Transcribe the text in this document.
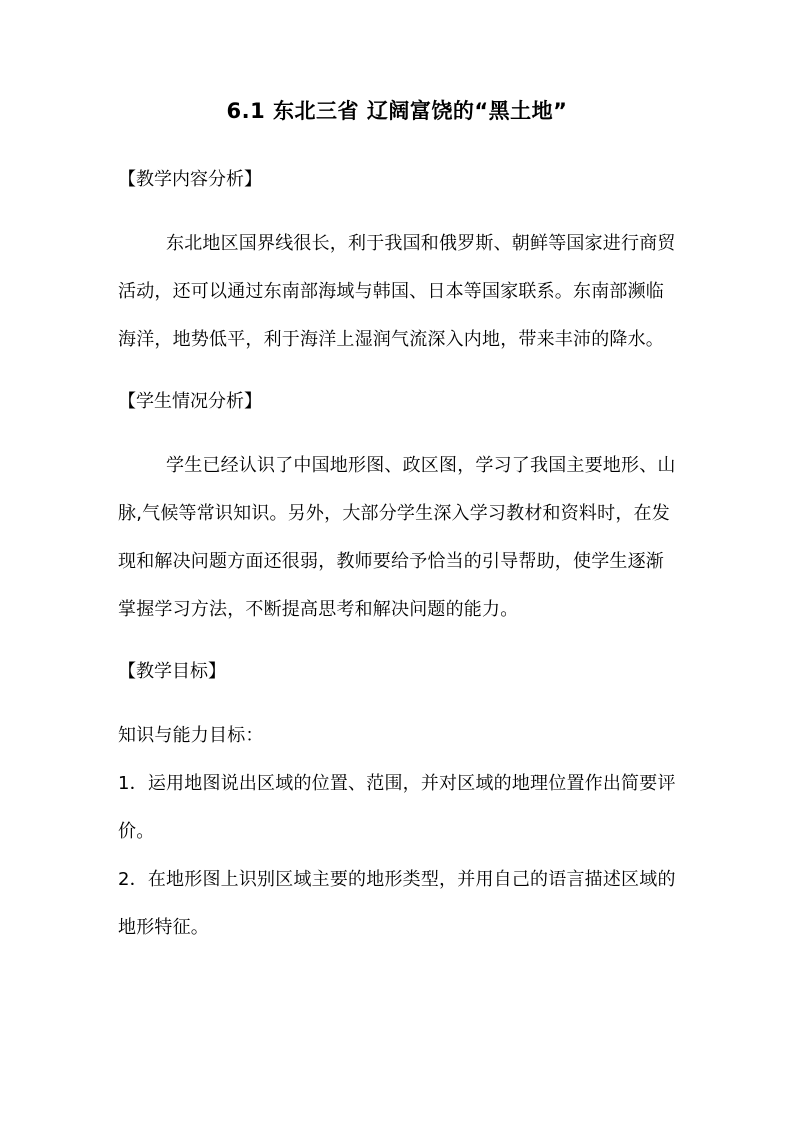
6.1 东北三省 辽阔富饶的“黑土地”
【教学内容分析】

东北地区国界线很长，利于我国和俄罗斯、朝鲜等国家进行商贸活动，还可以通过东南部海域与韩国、日本等国家联系。东南部濒临海洋，地势低平，利于海洋上湿润气流深入内地，带来丰沛的降水。

【学生情况分析】

学生已经认识了中国地形图、政区图，学习了我国主要地形、山脉,气候等常识知识。另外，大部分学生深入学习教材和资料时，在发现和解决问题方面还很弱，教师要给予恰当的引导帮助，使学生逐渐掌握学习方法，不断提高思考和解决问题的能力。

【教学目标】

知识与能力目标：

1．运用地图说出区域的位置、范围，并对区域的地理位置作出简要评价。

2．在地形图上识别区域主要的地形类型，并用自己的语言描述区域的地形特征。
